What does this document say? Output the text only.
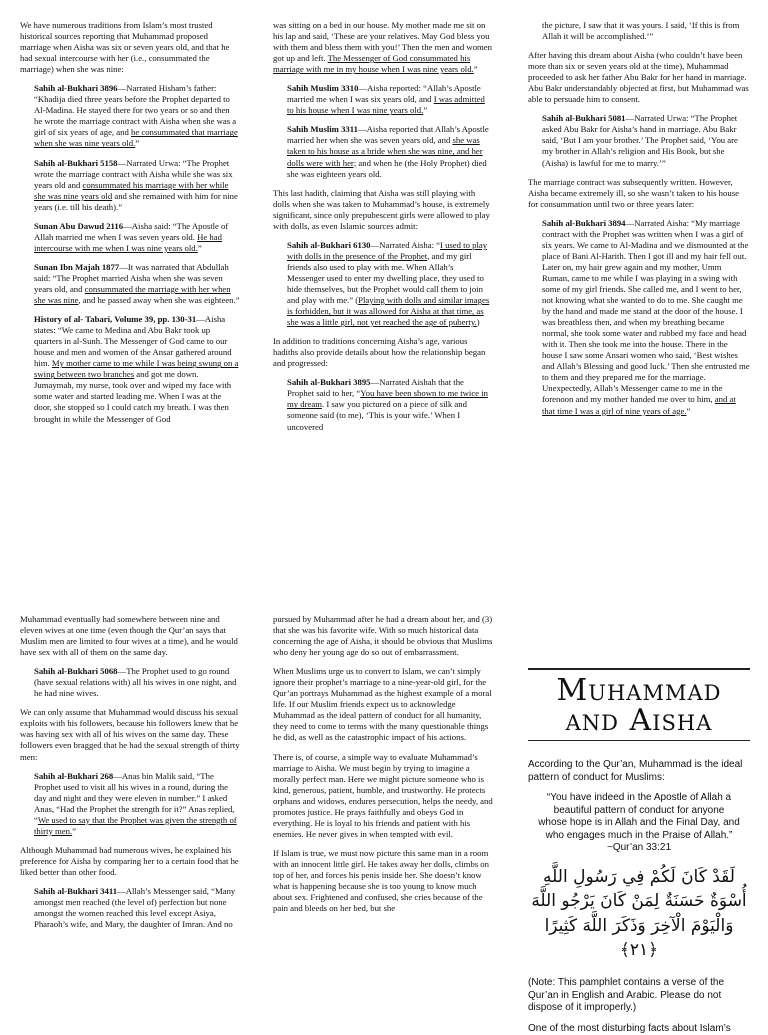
We have numerous traditions from Islam’s most trusted historical sources reporting that Muhammad proposed marriage when Aisha was six or seven years old, and that he had sexual intercourse with her (i.e., consummated the marriage) when she was nine:

Sahih al-Bukhari 3896—Narrated Hisham’s father: “Khadija died three years before the Prophet departed to Al-Madina. He stayed there for two years or so and then he wrote the marriage contract with Aisha when she was a girl of six years of age, and he consummated that marriage when she was nine years old.”

Sahih al-Bukhari 5158—Narrated Urwa: “The Prophet wrote the marriage contract with Aisha while she was six years old and consummated his marriage with her while she was nine years old and she remained with him for nine years (i.e. till his death).”

Sunan Abu Dawud 2116—Aisha said: “The Apostle of Allah married me when I was seven years old. He had intercourse with me when I was nine years old.”

Sunan Ibn Majah 1877—It was narrated that Abdullah said: “The Prophet married Aisha when she was seven years old, and consummated the marriage with her when she was nine, and he passed away when she was eighteen.”

History of al- Tabari, Volume 39, pp. 130-31—Aisha states: “We came to Medina and Abu Bakr took up quarters in al-Sunh. The Messenger of God came to our house and men and women of the Ansar gathered around him. My mother came to me while I was being swung on a swing between two branches and got me down. Jumaymah, my nurse, took over and wiped my face with some water and started leading me. When I was at the door, she stopped so I could catch my breath. I was then brought in while the Messenger of God

was sitting on a bed in our house. My mother made me sit on his lap and said, ‘These are your relatives. May God bless you with them and bless them with you!’ Then the men and women got up and left. The Messenger of God consummated his marriage with me in my house when I was nine years old.”

Sahih Muslim 3310—Aisha reported: “Allah’s Apostle married me when I was six years old, and I was admitted to his house when I was nine years old.”

Sahih Muslim 3311—Aisha reported that Allah’s Apostle married her when she was seven years old, and she was taken to his house as a bride when she was nine, and her dolls were with her; and when he (the Holy Prophet) died she was eighteen years old.

This last hadith, claiming that Aisha was still playing with dolls when she was taken to Muhammad’s house, is extremely significant, since only prepubescent girls were allowed to play with dolls, as even Islamic sources admit:

Sahih al-Bukhari 6130—Narrated Aisha: “I used to play with dolls in the presence of the Prophet, and my girl friends also used to play with me. When Allah’s Messenger used to enter my dwelling place, they used to hide themselves, but the Prophet would call them to join and play with me.” (Playing with dolls and similar images is forbidden, but it was allowed for Aisha at that time, as she was a little girl, not yet reached the age of puberty.)

In addition to traditions concerning Aisha’s age, various hadiths also provide details about how the relationship began and progressed:

Sahih al-Bukhari 3895—Narrated Aishah that the Prophet said to her, “You have been shown to me twice in my dream. I saw you pictured on a piece of silk and someone said (to me), ‘This is your wife.’ When I uncovered

the picture, I saw that it was yours. I said, ‘If this is from Allah it will be accomplished.’”

After having this dream about Aisha (who couldn’t have been more than six or seven years old at the time), Muhammad proceeded to ask her father Abu Bakr for her hand in marriage. Abu Bakr understandably objected at first, but Muhammad was able to persuade him to consent.

Sahih al-Bukhari 5081—Narrated Urwa: “The Prophet asked Abu Bakr for Aisha’s hand in marriage. Abu Bakr said, ‘But I am your brother.’ The Prophet said, ‘You are my brother in Allah’s religion and His Book, but she (Aisha) is lawful for me to marry.’”

The marriage contract was subsequently written. However, Aisha became extremely ill, so she wasn’t taken to his house for consummation until two or three years later:

Sahih al-Bukhari 3894—Narrated Aisha: “My marriage contract with the Prophet was written when I was a girl of six years. We came to Al-Madina and we dismounted at the place of Bani Al-Harith. Then I got ill and my hair fell out. Later on, my hair grew again and my mother, Umm Ruman, came to me while I was playing in a swing with some of my girl friends. She called me, and I went to her, not knowing what she wanted to do to me. She caught me by the hand and made me stand at the door of the house. I was breathless then, and when my breathing became normal, she took some water and rubbed my face and head with it. Then she took me into the house. There in the house I saw some Ansari women who said, ‘Best wishes and Allah’s Blessing and good luck.’ Then she entrusted me to them and they prepared me for the marriage. Unexpectedly, Allah’s Messenger came to me in the forenoon and my mother handed me over to him, and at that time I was a girl of nine years of age.”

Muhammad eventually had somewhere between nine and eleven wives at one time (even though the Qur’an says that Muslim men are limited to four wives at a time), and he would have sex with all of them on the same day.

Sahih al-Bukhari 5068—The Prophet used to go round (have sexual relations with) all his wives in one night, and he had nine wives.

We can only assume that Muhammad would discuss his sexual exploits with his followers, because his followers knew that he was having sex with all of his wives on the same day. These followers even bragged that he had the sexual strength of thirty men:

Sahih al-Bukhari 268—Anas bin Malik said, “The Prophet used to visit all his wives in a round, during the day and night and they were eleven in number.” I asked Anas, “Had the Prophet the strength for it?” Anas replied, “We used to say that the Prophet was given the strength of thirty men.”

Although Muhammad had numerous wives, he explained his preference for Aisha by comparing her to a certain food that he liked better than other food.

Sahih al-Bukhari 3411—Allah’s Messenger said, “Many amongst men reached (the level of) perfection but none amongst the women reached this level except Asiya, Pharaoh’s wife, and Mary, the daughter of Imran. And no

pursued by Muhammad after he had a dream about her, and (3) that she was his favorite wife. With so much historical data concerning the age of Aisha, it should be obvious that Muslims who deny her young age do so out of embarrassment.

When Muslims urge us to convert to Islam, we can’t simply ignore their prophet’s marriage to a nine-year-old girl, for the Qur’an portrays Muhammad as the highest example of a moral life. If our Muslim friends expect us to acknowledge Muhammad as the ideal pattern of conduct for all humanity, they need to come to terms with the many questionable things he did, as well as the catastrophic impact of his actions.

There is, of course, a simple way to evaluate Muhammad’s marriage to Aisha. We must begin by trying to imagine a morally perfect man. Here we might picture someone who is kind, generous, patient, humble, and trustworthy. He protects orphans and widows, endures persecution, helps the needy, and promotes justice. He prays faithfully and obeys God in everything. He is loyal to his friends and patient with his enemies. He never gives in when tempted with evil.

If Islam is true, we must now picture this same man in a room with an innocent little girl. He takes away her dolls, climbs on top of her, and forces his penis inside her. She doesn’t know what is happening because she is too young to know much about sex. Frightened and confused, she cries because of the pain and bleeds on her bed, but she

Muhammad
and Aisha

According to the Qur’an, Muhammad is the ideal pattern of conduct for Muslims:

“You have indeed in the Apostle of Allah a beautiful pattern of conduct for anyone whose hope is in Allah and the Final Day, and who engages much in the Praise of Allah.”
~Qur’an 33:21
لَقَدْ كَانَ لَكُمْ فِي رَسُولِ اللَّهِ أُسْوَةٌ حَسَنَةٌ لِمَنْ كَانَ يَرْجُو اللَّهَ وَالْيَوْمَ الْآخِرَ وَذَكَرَ اللَّهَ كَثِيرًا ﴿٢١﴾

(Note: This pamphlet contains a verse of the Qur’an in English and Arabic. Please do not dispose of it improperly.)

One of the most disturbing facts about Islam’s
